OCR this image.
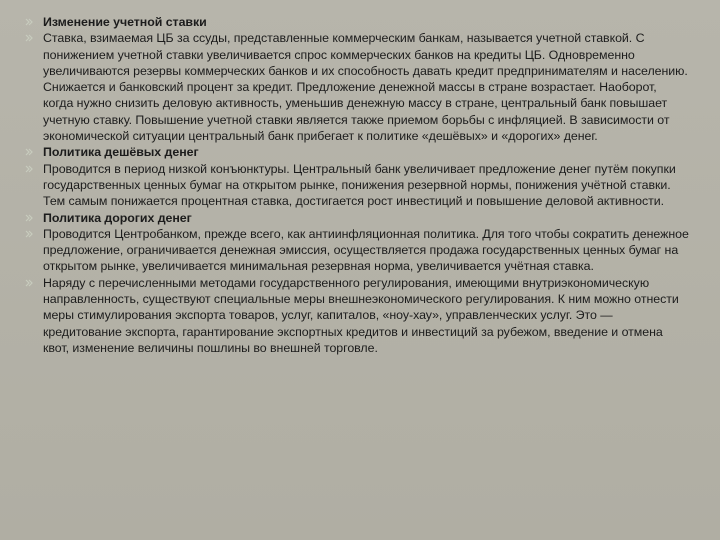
Изменение учетной ставки
Ставка, взимаемая ЦБ за ссуды, представленные коммерческим банкам, называется учетной ставкой. С понижением учетной ставки увеличивается спрос коммерческих банков на кредиты ЦБ. Одновременно увеличиваются резервы коммерческих банков и их способность давать кредит предпринимателям и населению. Снижается и банковский процент за кредит. Предложение денежной массы в стране возрастает. Наоборот, когда нужно снизить деловую активность, уменьшив денежную массу в стране, центральный банк повышает учетную ставку. Повышение учетной ставки является также приемом борьбы с инфляцией. В зависимости от экономической ситуации центральный банк прибегает к политике «дешёвых» и «дорогих» денег.
Политика дешёвых денег
Проводится в период низкой конъюнктуры. Центральный банк увеличивает предложение денег путём покупки государственных ценных бумаг на открытом рынке, понижения резервной нормы, понижения учётной ставки. Тем самым понижается процентная ставка, достигается рост инвестиций и повышение деловой активности.
Политика дорогих денег
Проводится Центробанком, прежде всего, как антиинфляционная политика. Для того чтобы сократить денежное предложение, ограничивается денежная эмиссия, осуществляется продажа государственных ценных бумаг на открытом рынке, увеличивается минимальная резервная норма, увеличивается учётная ставка.
Наряду с перечисленными методами государственного регулирования, имеющими внутриэкономическую направленность, существуют специальные меры внешнеэкономического регулирования. К ним можно отнести меры стимулирования экспорта товаров, услуг, капиталов, «ноу-хау», управленческих услуг. Это — кредитование экспорта, гарантирование экспортных кредитов и инвестиций за рубежом, введение и отмена квот, изменение величины пошлины во внешней торговле.
